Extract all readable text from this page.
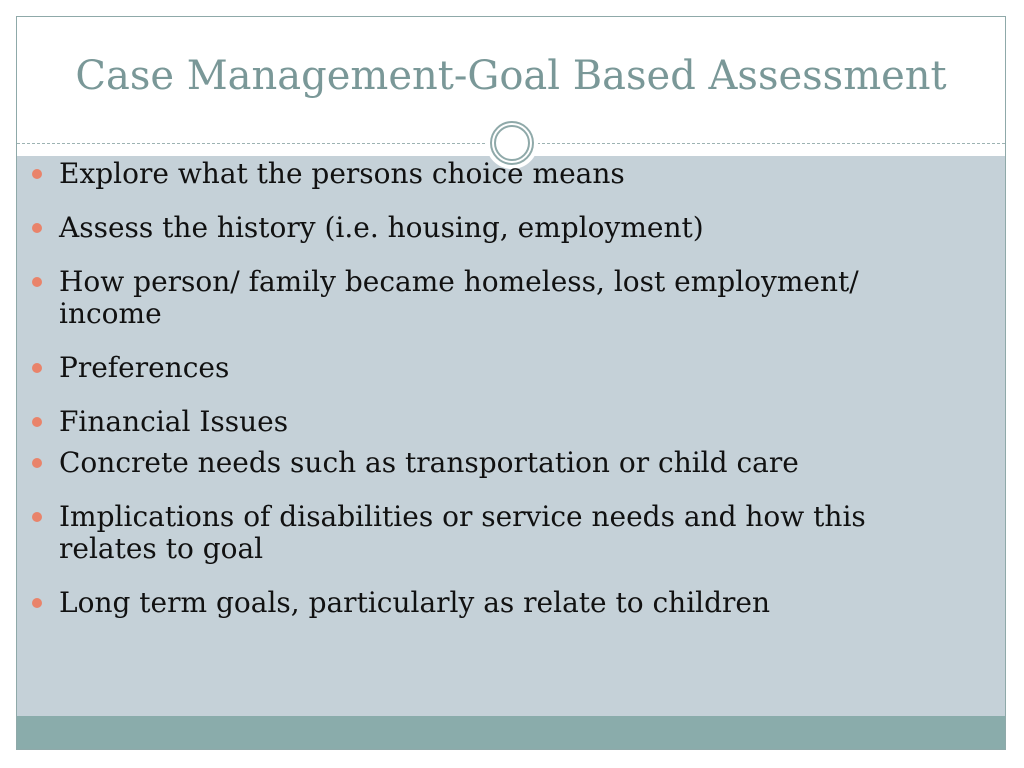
Case Management-Goal Based Assessment
Explore what the persons choice means
Assess the history (i.e. housing, employment)
How person/ family became homeless, lost employment/ income
Preferences
Financial Issues
Concrete needs such as transportation or child care
Implications of disabilities or service needs and how this relates to goal
Long term goals, particularly as relate to children
